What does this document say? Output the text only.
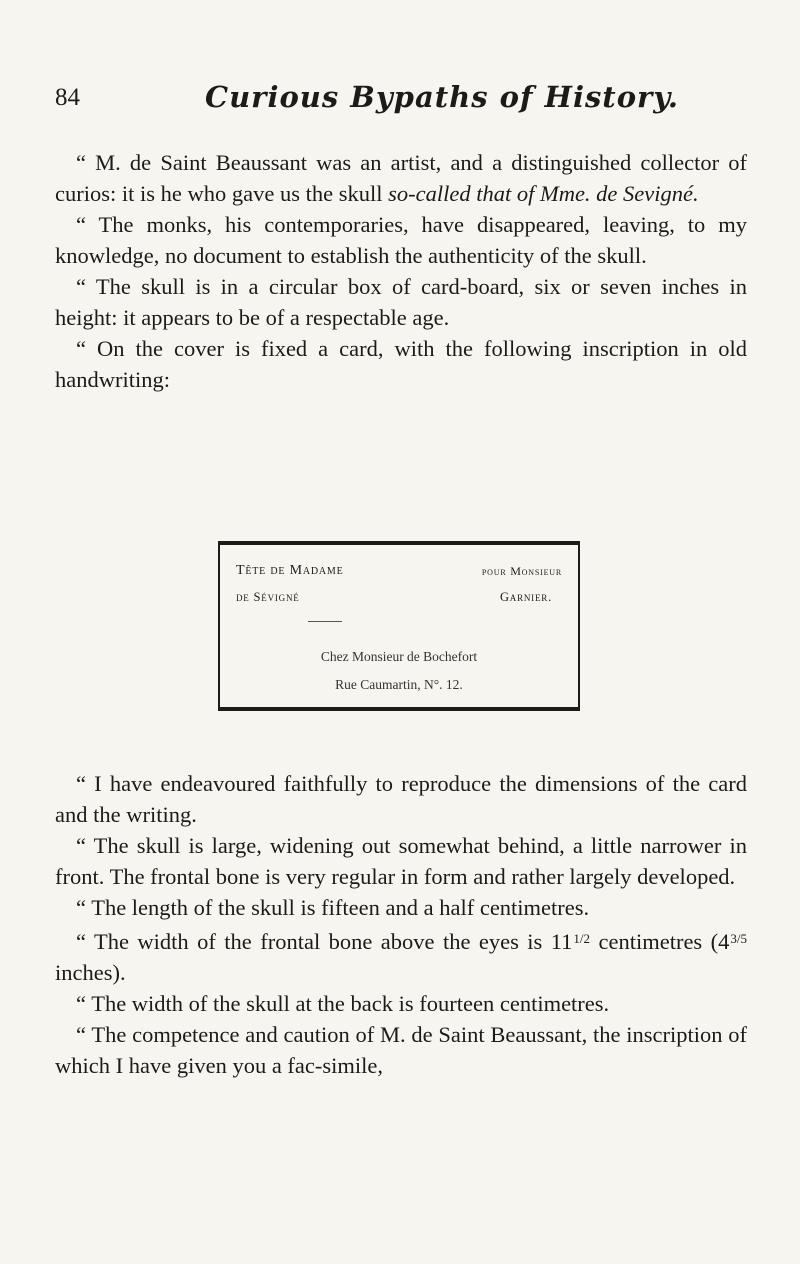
84	Curious Bypaths of History.

“ M. de Saint Beaussant was an artist, and a distinguished collector of curios: it is he who gave us the skull so-called that of Mme. de Sevigné.

“ The monks, his contemporaries, have disappeared, leaving, to my knowledge, no document to establish the authenticity of the skull.

“ The skull is in a circular box of card-board, six or seven inches in height: it appears to be of a respectable age.

“ On the cover is fixed a card, with the following inscription in old handwriting:

Tête de Madame	pour Monsieur
de Sévigné	Garnier.
Chez Monsieur de Bochefort
Rue Caumartin, N°. 12.

“ I have endeavoured faithfully to reproduce the dimensions of the card and the writing.

“ The skull is large, widening out somewhat behind, a little narrower in front. The frontal bone is very regular in form and rather largely developed.

“ The length of the skull is fifteen and a half centimetres.

“ The width of the frontal bone above the eyes is $11^{1/2}$ centimetres ($4^{3/5}$ inches).

“ The width of the skull at the back is fourteen centimetres.

“ The competence and caution of M. de Saint Beaussant, the inscription of which I have given you a fac-simile,
